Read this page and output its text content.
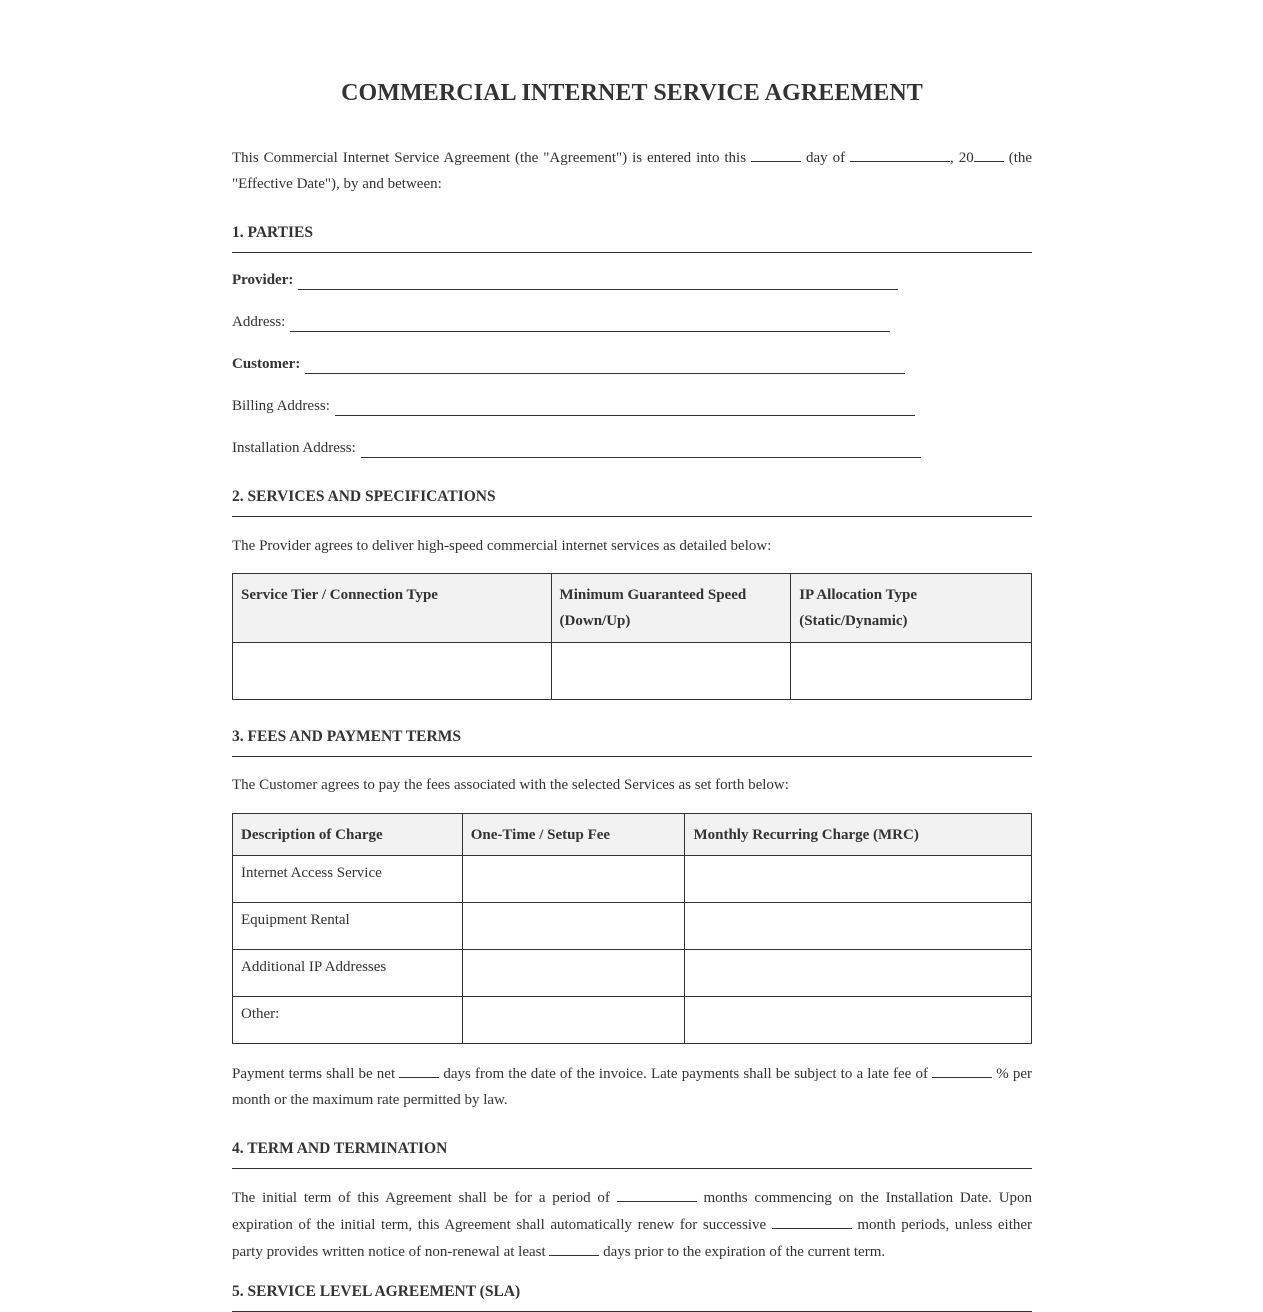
COMMERCIAL INTERNET SERVICE AGREEMENT
This Commercial Internet Service Agreement (the "Agreement") is entered into this	day of	, 20 (the "Effective Date"), by and between:
1. PARTIES
Provider:
Address:
Customer:
Billing Address:
Installation Address:
2. SERVICES AND SPECIFICATIONS
The Provider agrees to deliver high-speed commercial internet services as detailed below:
Service Tier / Connection Type	Minimum Guaranteed Speed (Down/Up)	IP Allocation Type (Static/Dynamic)

3. FEES AND PAYMENT TERMS
The Customer agrees to pay the fees associated with the selected Services as set forth below:
Description of Charge	One-Time / Setup Fee	Monthly Recurring Charge (MRC)
Internet Access Service		
Equipment Rental		
Additional IP Addresses		
Other:		
Payment terms shall be net	days from the date of the invoice. Late payments shall be subject to a late fee of	% per month or the maximum rate permitted by law.
4. TERM AND TERMINATION
The initial term of this Agreement shall be for a period of	months commencing on the Installation Date. Upon expiration of the initial term, this Agreement shall automatically renew for successive	month periods, unless either party provides written notice of non-renewal at least	days prior to the expiration of the current term.
5. SERVICE LEVEL AGREEMENT (SLA)
